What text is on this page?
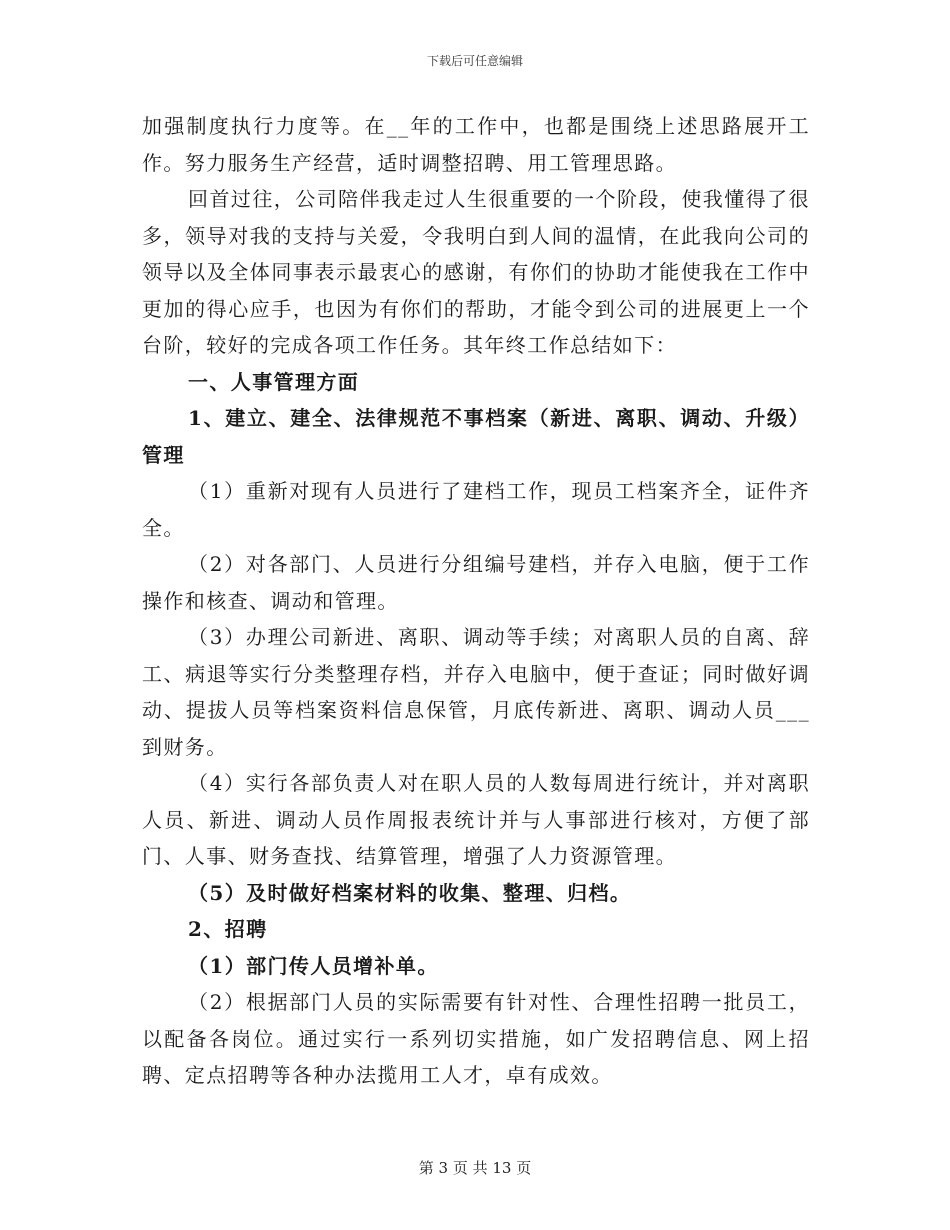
下载后可任意编辑

加强制度执行力度等。在__年的工作中，也都是围绕上述思路展开工作。努力服务生产经营，适时调整招聘、用工管理思路。

回首过往，公司陪伴我走过人生很重要的一个阶段，使我懂得了很多，领导对我的支持与关爱，令我明白到人间的温情，在此我向公司的领导以及全体同事表示最衷心的感谢，有你们的协助才能使我在工作中更加的得心应手，也因为有你们的帮助，才能令到公司的进展更上一个台阶，较好的完成各项工作任务。其年终工作总结如下：

一、人事管理方面

1、建立、建全、法律规范不事档案（新进、离职、调动、升级）管理

（1）重新对现有人员进行了建档工作，现员工档案齐全，证件齐全。

（2）对各部门、人员进行分组编号建档，并存入电脑，便于工作操作和核查、调动和管理。

（3）办理公司新进、离职、调动等手续；对离职人员的自离、辞工、病退等实行分类整理存档，并存入电脑中，便于查证；同时做好调动、提拔人员等档案资料信息保管，月底传新进、离职、调动人员___到财务。

（4）实行各部负责人对在职人员的人数每周进行统计，并对离职人员、新进、调动人员作周报表统计并与人事部进行核对，方便了部门、人事、财务查找、结算管理，增强了人力资源管理。

（5）及时做好档案材料的收集、整理、归档。

2、招聘

（1）部门传人员增补单。

（2）根据部门人员的实际需要有针对性、合理性招聘一批员工，以配备各岗位。通过实行一系列切实措施，如广发招聘信息、网上招聘、定点招聘等各种办法揽用工人才，卓有成效。

第 3 页 共 13 页
